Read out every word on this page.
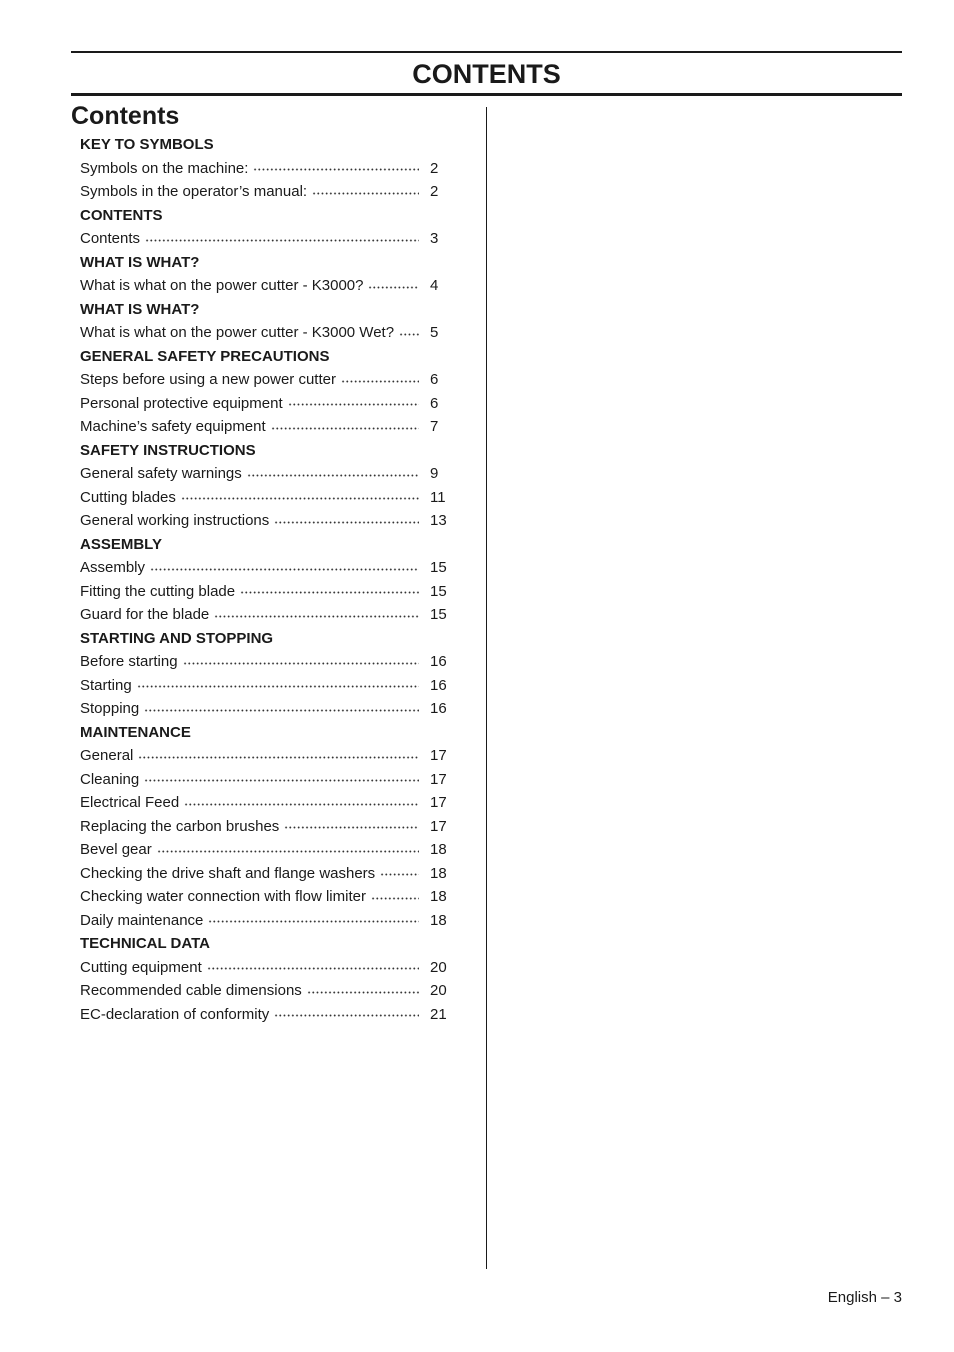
CONTENTS
Contents
KEY TO SYMBOLS
Symbols on the machine:	2
Symbols in the operator’s manual:	2
CONTENTS
Contents	3
WHAT IS WHAT?
What is what on the power cutter - K3000?	4
WHAT IS WHAT?
What is what on the power cutter - K3000 Wet?	5
GENERAL SAFETY PRECAUTIONS
Steps before using a new power cutter	6
Personal protective equipment	6
Machine’s safety equipment	7
SAFETY INSTRUCTIONS
General safety warnings	9
Cutting blades	11
General working instructions	13
ASSEMBLY
Assembly	15
Fitting the cutting blade	15
Guard for the blade	15
STARTING AND STOPPING
Before starting	16
Starting	16
Stopping	16
MAINTENANCE
General	17
Cleaning	17
Electrical Feed	17
Replacing the carbon brushes	17
Bevel gear	18
Checking the drive shaft and flange washers	18
Checking water connection with flow limiter	18
Daily maintenance	18
TECHNICAL DATA
Cutting equipment	20
Recommended cable dimensions	20
EC-declaration of conformity	21
English – 3
